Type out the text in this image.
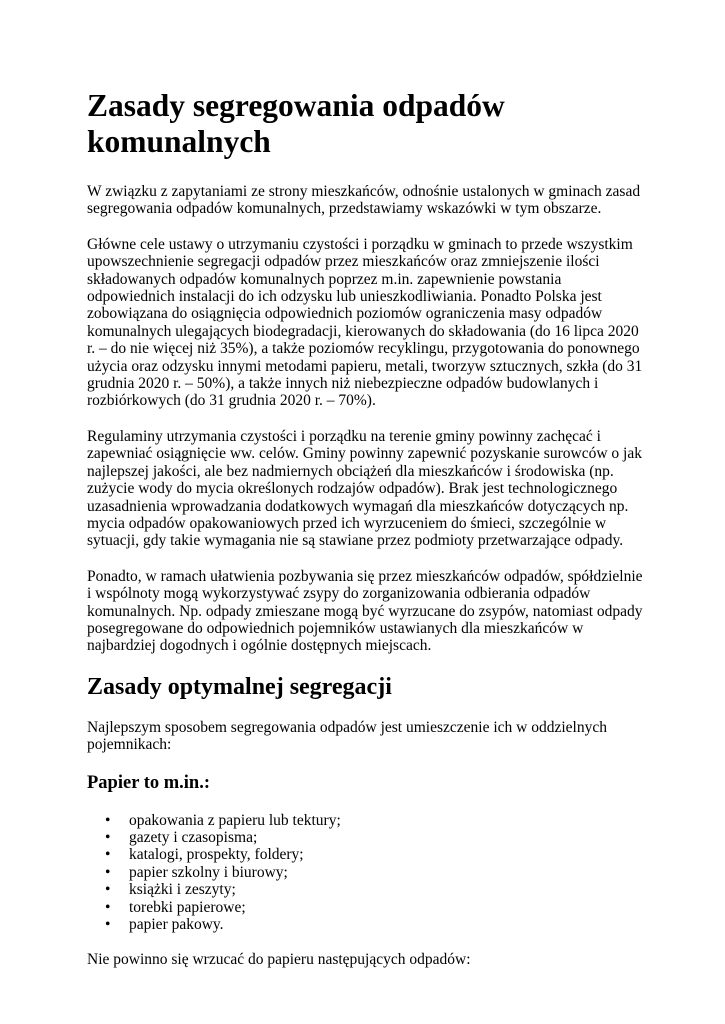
Zasady segregowania odpadów komunalnych

W związku z zapytaniami ze strony mieszkańców, odnośnie ustalonych w gminach zasad segregowania odpadów komunalnych, przedstawiamy wskazówki w tym obszarze.

Główne cele ustawy o utrzymaniu czystości i porządku w gminach to przede wszystkim upowszechnienie segregacji odpadów przez mieszkańców oraz zmniejszenie ilości składowanych odpadów komunalnych poprzez m.in. zapewnienie powstania odpowiednich instalacji do ich odzysku lub unieszkodliwiania. Ponadto Polska jest zobowiązana do osiągnięcia odpowiednich poziomów ograniczenia masy odpadów komunalnych ulegających biodegradacji, kierowanych do składowania (do 16 lipca 2020 r. – do nie więcej niż 35%), a także poziomów recyklingu, przygotowania do ponownego użycia oraz odzysku innymi metodami papieru, metali, tworzyw sztucznych, szkła (do 31 grudnia 2020 r. – 50%), a także innych niż niebezpieczne odpadów budowlanych i rozbiórkowych (do 31 grudnia 2020 r. – 70%).

Regulaminy utrzymania czystości i porządku na terenie gminy powinny zachęcać i zapewniać osiągnięcie ww. celów. Gminy powinny zapewnić pozyskanie surowców o jak najlepszej jakości, ale bez nadmiernych obciążeń dla mieszkańców i środowiska (np. zużycie wody do mycia określonych rodzajów odpadów). Brak jest technologicznego uzasadnienia wprowadzania dodatkowych wymagań dla mieszkańców dotyczących np. mycia odpadów opakowaniowych przed ich wyrzuceniem do śmieci, szczególnie w sytuacji, gdy takie wymagania nie są stawiane przez podmioty przetwarzające odpady.

Ponadto, w ramach ułatwienia pozbywania się przez mieszkańców odpadów, spółdzielnie i wspólnoty mogą wykorzystywać zsypy do zorganizowania odbierania odpadów komunalnych. Np. odpady zmieszane mogą być wyrzucane do zsypów, natomiast odpady posegregowane do odpowiednich pojemników ustawianych dla mieszkańców w najbardziej dogodnych i ogólnie dostępnych miejscach.

Zasady optymalnej segregacji

Najlepszym sposobem segregowania odpadów jest umieszczenie ich w oddzielnych pojemnikach:

Papier to m.in.:
• opakowania z papieru lub tektury;
• gazety i czasopisma;
• katalogi, prospekty, foldery;
• papier szkolny i biurowy;
• książki i zeszyty;
• torebki papierowe;
• papier pakowy.

Nie powinno się wrzucać do papieru następujących odpadów:
